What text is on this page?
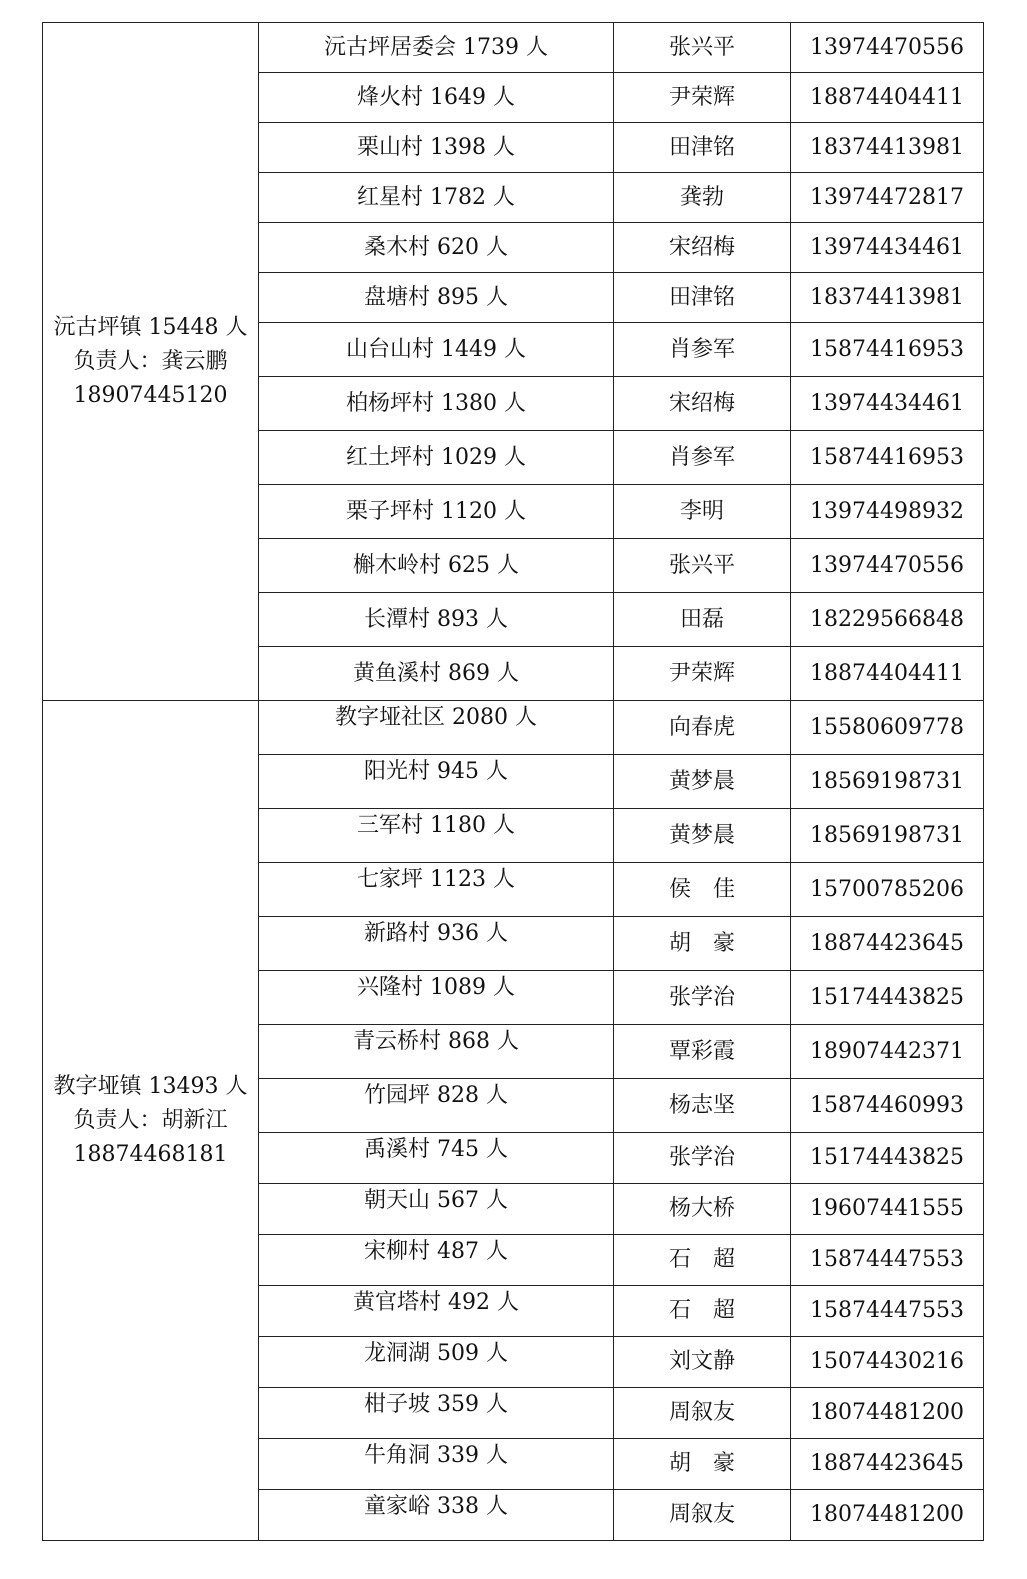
沅古坪镇 15448 人
负责人：龚云鹏
18907445120	沅古坪居委会 1739 人	张兴平	13974470556
	烽火村 1649 人	尹荣辉	18874404411
	栗山村 1398 人	田津铭	18374413981
	红星村 1782 人	龚勃	13974472817
	桑木村 620 人	宋绍梅	13974434461
	盘塘村 895 人	田津铭	18374413981
	山台山村 1449 人	肖参军	15874416953
	柏杨坪村 1380 人	宋绍梅	13974434461
	红土坪村 1029 人	肖参军	15874416953
	栗子坪村 1120 人	李明	13974498932
	槲木岭村 625 人	张兴平	13974470556
	长潭村 893 人	田磊	18229566848
	黄鱼溪村 869 人	尹荣辉	18874404411

教字垭镇 13493 人
负责人：胡新江
18874468181	教字垭社区 2080 人	向春虎	15580609778
	阳光村 945 人	黄梦晨	18569198731
	三军村 1180 人	黄梦晨	18569198731
	七家坪 1123 人	侯　佳	15700785206
	新路村 936 人	胡　豪	18874423645
	兴隆村 1089 人	张学治	15174443825
	青云桥村 868 人	覃彩霞	18907442371
	竹园坪 828 人	杨志坚	15874460993
	禹溪村 745 人	张学治	15174443825
	朝天山 567 人	杨大桥	19607441555
	宋柳村 487 人	石　超	15874447553
	黄官塔村 492 人	石　超	15874447553
	龙洞湖 509 人	刘文静	15074430216
	柑子坡 359 人	周叙友	18074481200
	牛角洞 339 人	胡　豪	18874423645
	童家峪 338 人	周叙友	18074481200
